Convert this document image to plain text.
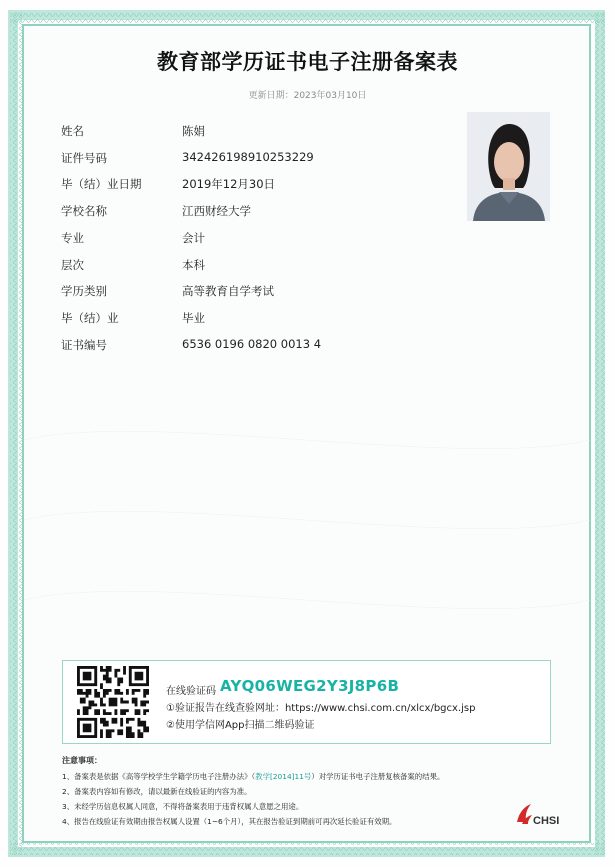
教育部学历证书电子注册备案表
更新日期：2023年03月10日
姓名	陈娟
证件号码	342426198910253229
毕（结）业日期	2019年12月30日
学校名称	江西财经大学
专业	会计
层次	本科
学历类别	高等教育自学考试
毕（结）业	毕业
证书编号	6536 0196 0820 0013 4
在线验证码 AYQ06WEG2Y3J8P6B
①验证报告在线查验网址：https://www.chsi.com.cn/xlcx/bgcx.jsp
②使用学信网App扫描二维码验证
注意事项：
1、备案表是依据《高等学校学生学籍学历电子注册办法》（教学[2014]11号）对学历证书电子注册复核备案的结果。
2、备案表内容如有修改，请以最新在线验证的内容为准。
3、未经学历信息权属人同意，不得将备案表用于违背权属人意愿之用途。
4、报告在线验证有效期由报告权属人设置（1~6个月），其在报告验证到期前可再次延长验证有效期。	CHSI
